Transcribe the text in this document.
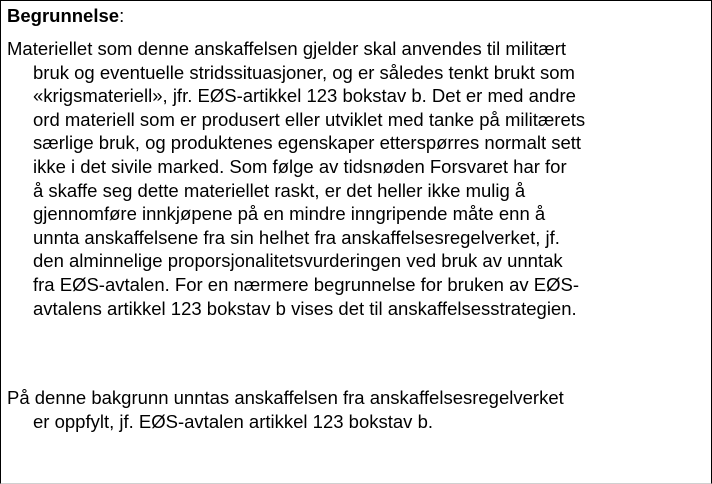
Begrunnelse:
Materiellet som denne anskaffelsen gjelder skal anvendes til militært
bruk og eventuelle stridssituasjoner, og er således tenkt brukt som
«krigsmateriell», jfr. EØS-artikkel 123 bokstav b. Det er med andre
ord materiell som er produsert eller utviklet med tanke på militærets
særlige bruk, og produktenes egenskaper etterspørres normalt sett
ikke i det sivile marked. Som følge av tidsnøden Forsvaret har for
å skaffe seg dette materiellet raskt, er det heller ikke mulig å
gjennomføre innkjøpene på en mindre inngripende måte enn å
unnta anskaffelsene fra sin helhet fra anskaffelsesregelverket, jf.
den alminnelige proporsjonalitetsvurderingen ved bruk av unntak
fra EØS-avtalen. For en nærmere begrunnelse for bruken av EØS-
avtalens artikkel 123 bokstav b vises det til anskaffelsesstrategien.
På denne bakgrunn unntas anskaffelsen fra anskaffelsesregelverket
er oppfylt, jf. EØS-avtalen artikkel 123 bokstav b.
